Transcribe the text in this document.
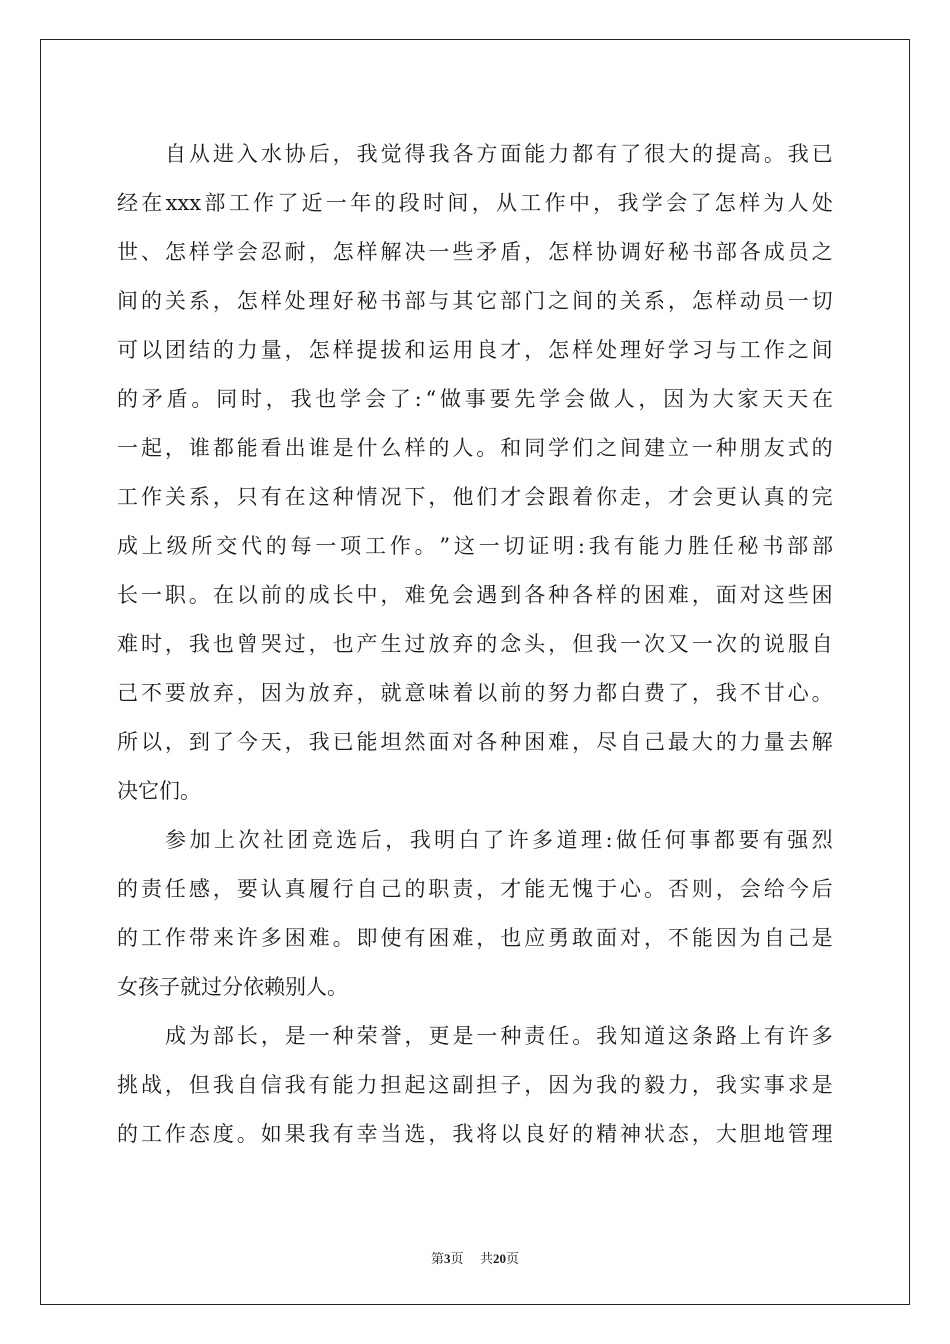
自 从 进 入 水 协 后 ， 我 觉 得 我 各 方 面 能 力 都 有 了 很 大 的 提 高 。 我 已
经 在 xxx 部 工 作 了 近 一 年 的 段 时 间 ， 从 工 作 中 ， 我 学 会 了 怎 样 为 人 处
世 、 怎 样 学 会 忍 耐 ， 怎 样 解 决 一 些 矛 盾 ， 怎 样 协 调 好 秘 书 部 各 成 员 之
间 的 关 系 ， 怎 样 处 理 好 秘 书 部 与 其 它 部 门 之 间 的 关 系 ， 怎 样 动 员 一 切
可 以 团 结 的 力 量 ， 怎 样 提 拔 和 运 用 良 才 ， 怎 样 处 理 好 学 习 与 工 作 之 间
的 矛 盾 。 同 时 ， 我 也 学 会 了 : “ 做 事 要 先 学 会 做 人 ， 因 为 大 家 天 天 在
一 起 ， 谁 都 能 看 出 谁 是 什 么 样 的 人 。 和 同 学 们 之 间 建 立 一 种 朋 友 式 的
工 作 关 系 ， 只 有 在 这 种 情 况 下 ， 他 们 才 会 跟 着 你 走 ， 才 会 更 认 真 的 完
成 上 级 所 交 代 的 每 一 项 工 作 。 ” 这 一 切 证 明 : 我 有 能 力 胜 任 秘 书 部 部
长 一 职 。 在 以 前 的 成 长 中 ， 难 免 会 遇 到 各 种 各 样 的 困 难 ， 面 对 这 些 困
难 时 ， 我 也 曾 哭 过 ， 也 产 生 过 放 弃 的 念 头 ， 但 我 一 次 又 一 次 的 说 服 自
己 不 要 放 弃 ， 因 为 放 弃 ， 就 意 味 着 以 前 的 努 力 都 白 费 了 ， 我 不 甘 心 。
所 以 ， 到 了 今 天 ， 我 已 能 坦 然 面 对 各 种 困 难 ， 尽 自 己 最 大 的 力 量 去 解
决它们。
参 加 上 次 社 团 竞 选 后 ， 我 明 白 了 许 多 道 理 : 做 任 何 事 都 要 有 强 烈
的 责 任 感 ， 要 认 真 履 行 自 己 的 职 责 ， 才 能 无 愧 于 心 。 否 则 ， 会 给 今 后
的 工 作 带 来 许 多 困 难 。 即 使 有 困 难 ， 也 应 勇 敢 面 对 ， 不 能 因 为 自 己 是
女孩子就过分依赖别人。
成 为 部 长 ， 是 一 种 荣 誉 ， 更 是 一 种 责 任 。 我 知 道 这 条 路 上 有 许 多
挑 战 ， 但 我 自 信 我 有 能 力 担 起 这 副 担 子 ， 因 为 我 的 毅 力 ， 我 实 事 求 是
的 工 作 态 度 。 如 果 我 有 幸 当 选 ， 我 将 以 良 好 的 精 神 状 态 ， 大 胆 地 管 理
第3页 共20页
